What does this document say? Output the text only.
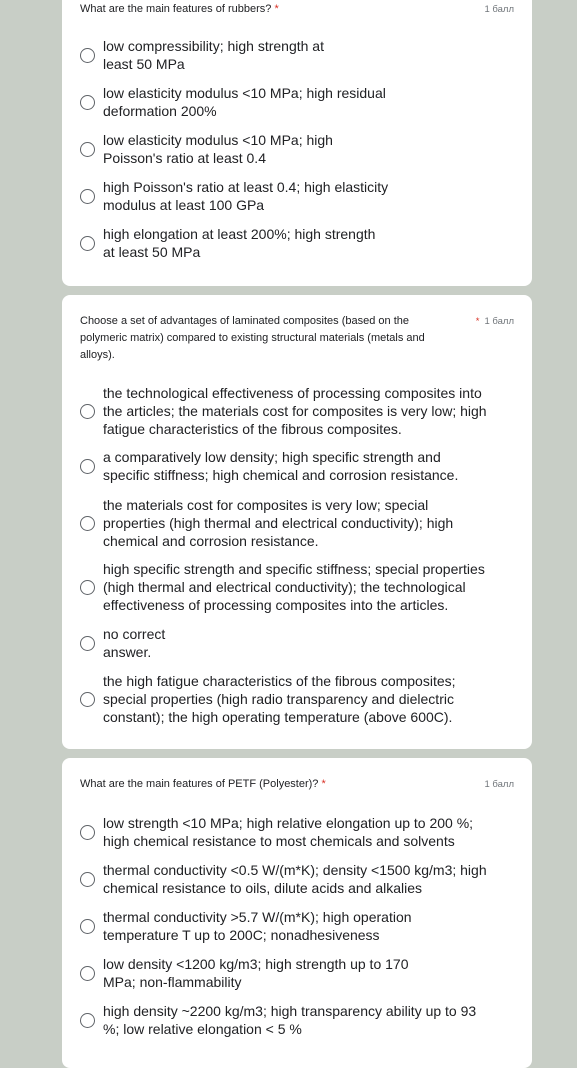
What are the main features of rubbers? *	1 балл
low compressibility; high strength at
least 50 MPa
low elasticity modulus <10 MPa; high residual
deformation 200%
low elasticity modulus <10 MPa; high
Poisson's ratio at least 0.4
high Poisson's ratio at least 0.4; high elasticity
modulus at least 100 GPa
high elongation at least 200%; high strength
at least 50 MPa
Choose a set of advantages of laminated composites (based on the
polymeric matrix) compared to existing structural materials (metals and
alloys).
* 1 балл
the technological effectiveness of processing composites into
the articles; the materials cost for composites is very low; high
fatigue characteristics of the fibrous composites.
a comparatively low density; high specific strength and
specific stiffness; high chemical and corrosion resistance.
the materials cost for composites is very low; special
properties (high thermal and electrical conductivity); high
chemical and corrosion resistance.
high specific strength and specific stiffness; special properties
(high thermal and electrical conductivity); the technological
effectiveness of processing composites into the articles.
no correct
answer.
the high fatigue characteristics of the fibrous composites;
special properties (high radio transparency and dielectric
constant); the high operating temperature (above 600C).
What are the main features of PETF (Polyester)? *	1 балл
low strength <10 MPa; high relative elongation up to 200 %;
high chemical resistance to most chemicals and solvents
thermal conductivity <0.5 W/(m*K); density <1500 kg/m3; high
chemical resistance to oils, dilute acids and alkalies
thermal conductivity >5.7 W/(m*K); high operation
temperature T up to 200C; nonadhesiveness
low density <1200 kg/m3; high strength up to 170
MPa; non-flammability
high density ~2200 kg/m3; high transparency ability up to 93
%; low relative elongation < 5 %
